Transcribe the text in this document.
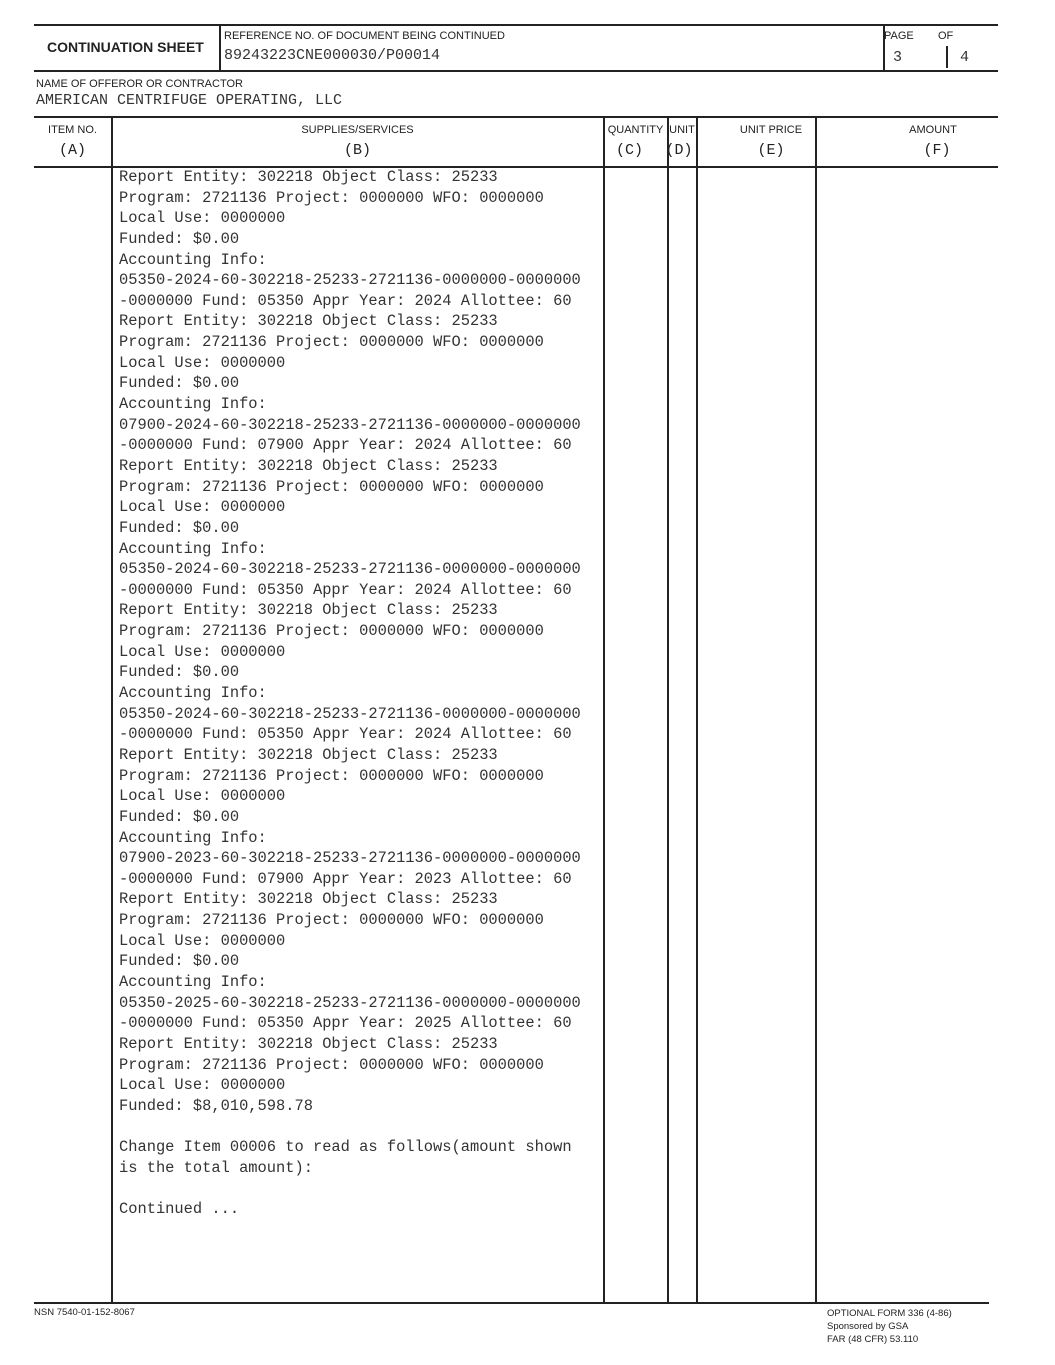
CONTINUATION SHEET
REFERENCE NO. OF DOCUMENT BEING CONTINUED
89243223CNE000030/P00014
PAGE OF
3	4
NAME OF OFFEROR OR CONTRACTOR
AMERICAN CENTRIFUGE OPERATING, LLC
ITEM NO.
(A)
SUPPLIES/SERVICES
(B)
QUANTITY
(C)
UNIT
(D)
UNIT PRICE
(E)
AMOUNT
(F)
Report Entity: 302218 Object Class: 25233
Program: 2721136 Project: 0000000 WFO: 0000000
Local Use: 0000000
Funded: $0.00
Accounting Info:
05350-2024-60-302218-25233-2721136-0000000-0000000
-0000000 Fund: 05350 Appr Year: 2024 Allottee: 60
Report Entity: 302218 Object Class: 25233
Program: 2721136 Project: 0000000 WFO: 0000000
Local Use: 0000000
Funded: $0.00
Accounting Info:
07900-2024-60-302218-25233-2721136-0000000-0000000
-0000000 Fund: 07900 Appr Year: 2024 Allottee: 60
Report Entity: 302218 Object Class: 25233
Program: 2721136 Project: 0000000 WFO: 0000000
Local Use: 0000000
Funded: $0.00
Accounting Info:
05350-2024-60-302218-25233-2721136-0000000-0000000
-0000000 Fund: 05350 Appr Year: 2024 Allottee: 60
Report Entity: 302218 Object Class: 25233
Program: 2721136 Project: 0000000 WFO: 0000000
Local Use: 0000000
Funded: $0.00
Accounting Info:
05350-2024-60-302218-25233-2721136-0000000-0000000
-0000000 Fund: 05350 Appr Year: 2024 Allottee: 60
Report Entity: 302218 Object Class: 25233
Program: 2721136 Project: 0000000 WFO: 0000000
Local Use: 0000000
Funded: $0.00
Accounting Info:
07900-2023-60-302218-25233-2721136-0000000-0000000
-0000000 Fund: 07900 Appr Year: 2023 Allottee: 60
Report Entity: 302218 Object Class: 25233
Program: 2721136 Project: 0000000 WFO: 0000000
Local Use: 0000000
Funded: $0.00
Accounting Info:
05350-2025-60-302218-25233-2721136-0000000-0000000
-0000000 Fund: 05350 Appr Year: 2025 Allottee: 60
Report Entity: 302218 Object Class: 25233
Program: 2721136 Project: 0000000 WFO: 0000000
Local Use: 0000000
Funded: $8,010,598.78
Change Item 00006 to read as follows(amount shown
is the total amount):
Continued ...
NSN 7540-01-152-8067	OPTIONAL FORM 336 (4-86)
Sponsored by GSA
FAR (48 CFR) 53.110
